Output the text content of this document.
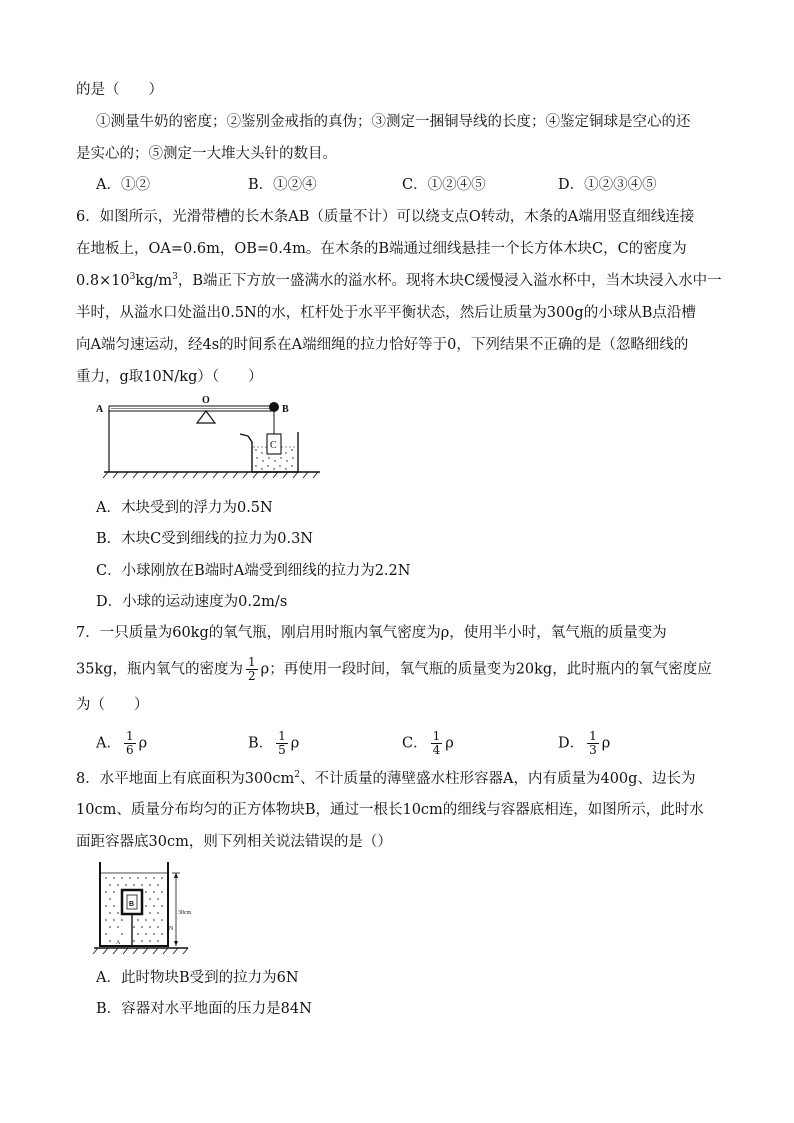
的是（　　）
①测量牛奶的密度；②鉴别金戒指的真伪；③测定一捆铜导线的长度；④鉴定铜球是空心的还
是实心的；⑤测定一大堆大头针的数目。
A．①②	B．①②④	C．①②④⑤	D．①②③④⑤
6．如图所示，光滑带槽的长木条AB（质量不计）可以绕支点O转动，木条的A端用竖直细线连接
在地板上，OA=0.6m，OB=0.4m。在木条的B端通过细线悬挂一个长方体木块C，C的密度为
$0.8\times 10^3kg/m^3$，B端正下方放一盛满水的溢水杯。现将木块C缓慢浸入溢水杯中，当木块浸入水中一
半时，从溢水口处溢出0.5N的水，杠杆处于水平平衡状态，然后让质量为300g的小球从B点沿槽
向A端匀速运动，经4s的时间系在A端细绳的拉力恰好等于0，下列结果不正确的是（忽略细线的
重力，g取10N/kg）（　　）
A
O
B
C
A．木块受到的浮力为0.5N
B．木块C受到细线的拉力为0.3N
C．小球刚放在B端时A端受到细线的拉力为2.2N
D．小球的运动速度为0.2m/s
7．一只质量为60kg的氧气瓶，刚启用时瓶内氧气密度为ρ，使用半小时，氧气瓶的质量变为
35kg，瓶内氧气的密度为 $\frac{1}{2}$ ρ；再使用一段时间，氧气瓶的质量变为20kg，此时瓶内的氧气密度应
为（　　）
A． $\frac{1}{6}$ ρ	B． $\frac{1}{5}$ ρ	C． $\frac{1}{4}$ ρ	D． $\frac{1}{3}$ ρ
8．水平地面上有底面积为$300cm^2$、不计质量的薄壁盛水柱形容器A，内有质量为400g、边长为
10cm、质量分布均匀的正方体物块B，通过一根长10cm的细线与容器底相连，如图所示，此时水
面距容器底30cm，则下列相关说法错误的是（）
B
30cm
N
A
A．此时物块B受到的拉力为6N
B．容器对水平地面的压力是84N
